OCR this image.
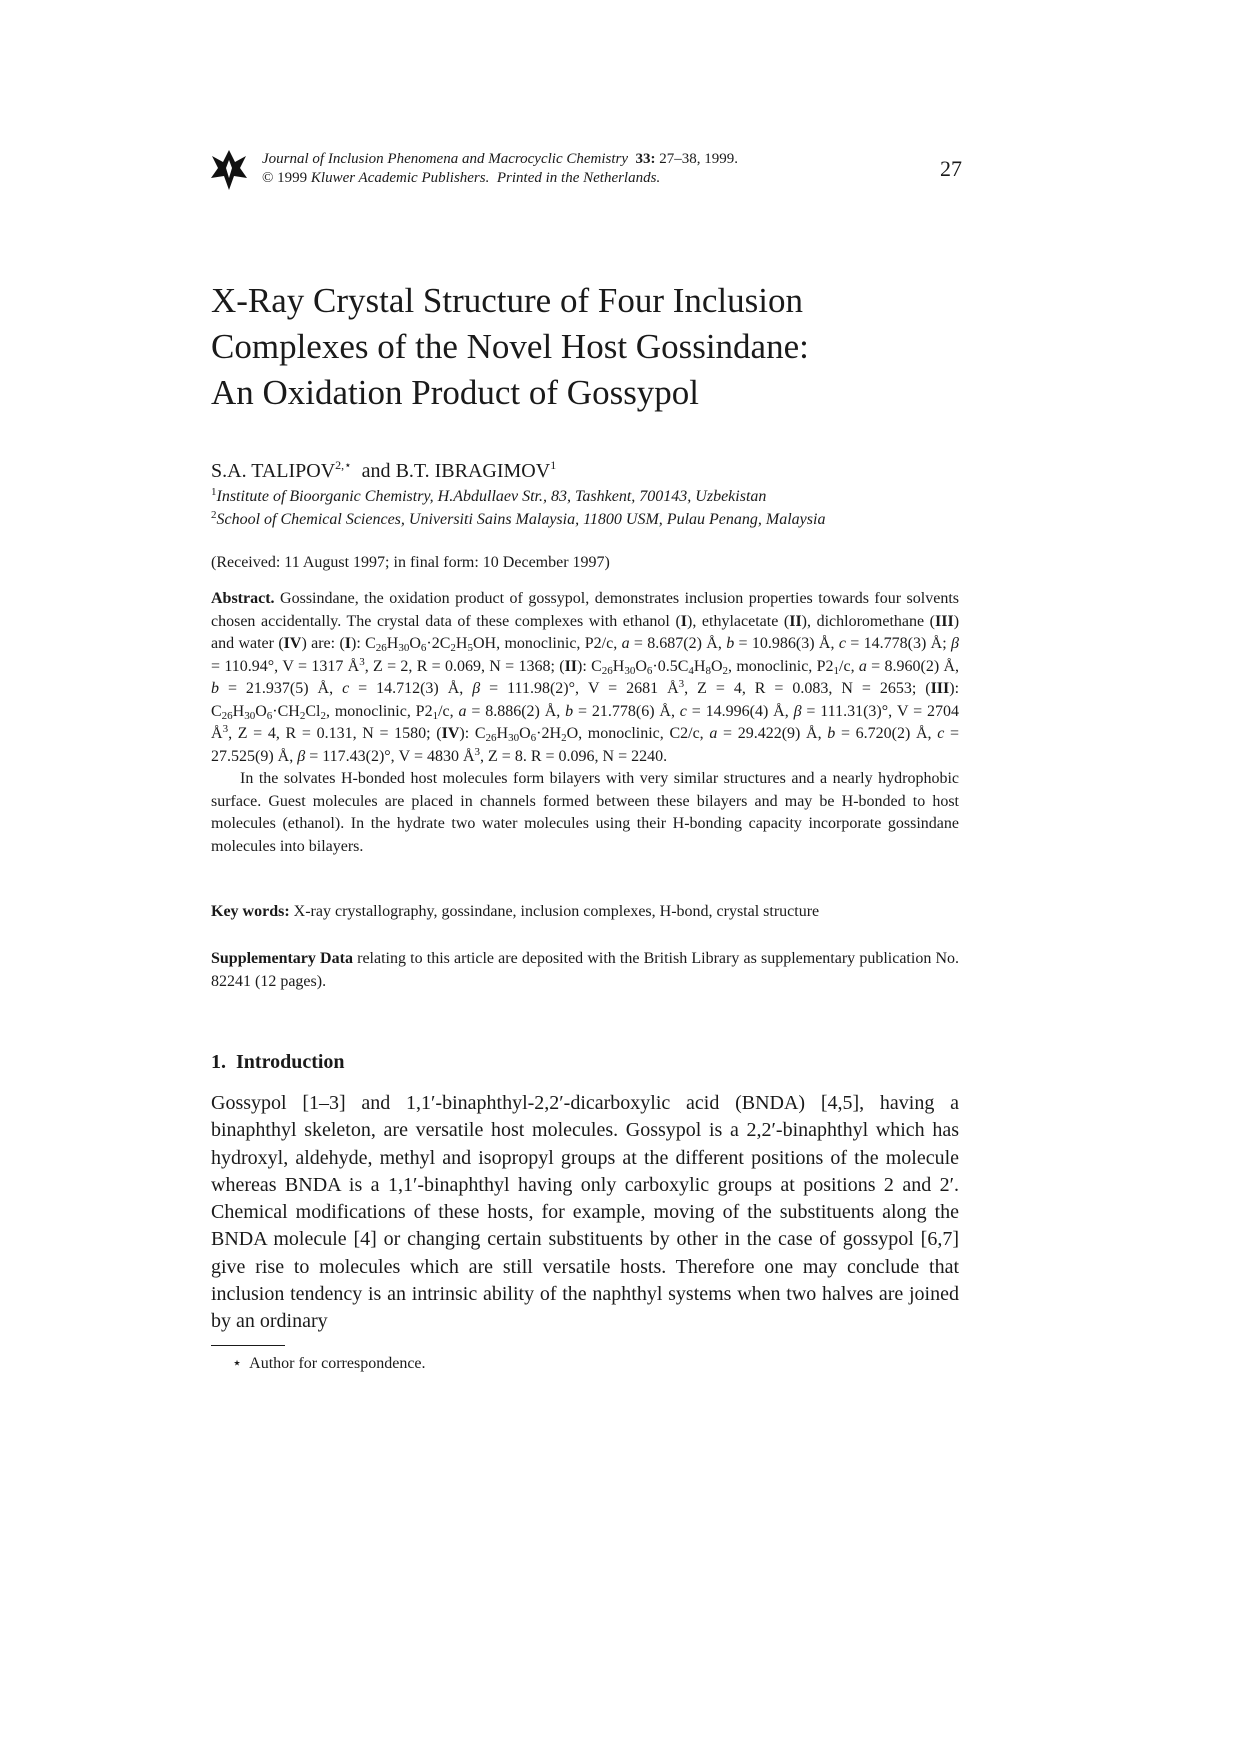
Journal of Inclusion Phenomena and Macrocyclic Chemistry 33: 27–38, 1999.
© 1999 Kluwer Academic Publishers. Printed in the Netherlands.	27
X-Ray Crystal Structure of Four Inclusion
Complexes of the Novel Host Gossindane:
An Oxidation Product of Gossypol
S.A. $TALIPOV^{2,⋆}$ and B.T. IBRAGIMOV$^1$
$^1$Institute of Bioorganic Chemistry, H.Abdullaev Str., 83, Tashkent, 700143, Uzbekistan
$^2$School of Chemical Sciences, Universiti Sains Malaysia, 11800 USM, Pulau Penang, Malaysia
(Received: 11 August 1997; in final form: 10 December 1997)

Abstract. Gossindane, the oxidation product of gossypol, demonstrates inclusion properties towards four solvents chosen accidentally. The crystal data of these complexes with ethanol (I), ethylacetate (II), dichloromethane (III) and water (IV) are: (I): $C_{26}H_{30}O_6\cdot 2C_2H_5OH$, monoclinic, P2/c, a = 8.687(2) Å, b = 10.986(3) Å, c = 14.778(3) Å; β = 110.94°, V = 1317 $Å^3$, Z = 2, R = 0.069, N = 1368; (II): $C_{26}H_{30}O_6\cdot 0.5C_4H_8O_2$, monoclinic, $P2_1/c$, a = 8.960(2) Å, b = 21.937(5) Å, c = 14.712(3) Å, β = 111.98(2)°, V = 2681 $Å^3$, Z = 4, R = 0.083, N = 2653; (III): $C_{26}H_{30}O_6\cdot CH_2Cl_2$, monoclinic, $P2_1/c$, a = 8.886(2) Å, b = 21.778(6) Å, c = 14.996(4) Å, β = 111.31(3)°, V = 2704 $Å^3$, Z = 4, R = 0.131, N = 1580; (IV): $C_{26}H_{30}O_6\cdot 2H_2O$, monoclinic, C2/c, a = 29.422(9) Å, b = 6.720(2) Å, c = 27.525(9) Å, β = 117.43(2)°, V = 4830 $Å^3$, Z = 8. R = 0.096, N = 2240.

In the solvates H-bonded host molecules form bilayers with very similar structures and a nearly hydrophobic surface. Guest molecules are placed in channels formed between these bilayers and may be H-bonded to host molecules (ethanol). In the hydrate two water molecules using their H-bonding capacity incorporate gossindane molecules into bilayers.

Key words: X-ray crystallography, gossindane, inclusion complexes, H-bond, crystal structure
Supplementary Data relating to this article are deposited with the British Library as supplementary publication No. 82241 (12 pages).
1. Introduction

Gossypol [1–3] and 1,1′-binaphthyl-2,2′-dicarboxylic acid (BNDA) [4,5], having a binaphthyl skeleton, are versatile host molecules. Gossypol is a 2,2′-binaphthyl which has hydroxyl, aldehyde, methyl and isopropyl groups at the different positions of the molecule whereas BNDA is a 1,1′-binaphthyl having only carboxylic groups at positions 2 and 2′. Chemical modifications of these hosts, for example, moving of the substituents along the BNDA molecule [4] or changing certain substituents by other in the case of gossypol [6,7] give rise to molecules which are still versatile hosts. Therefore one may conclude that inclusion tendency is an intrinsic ability of the naphthyl systems when two halves are joined by an ordinary

⋆ Author for correspondence.
